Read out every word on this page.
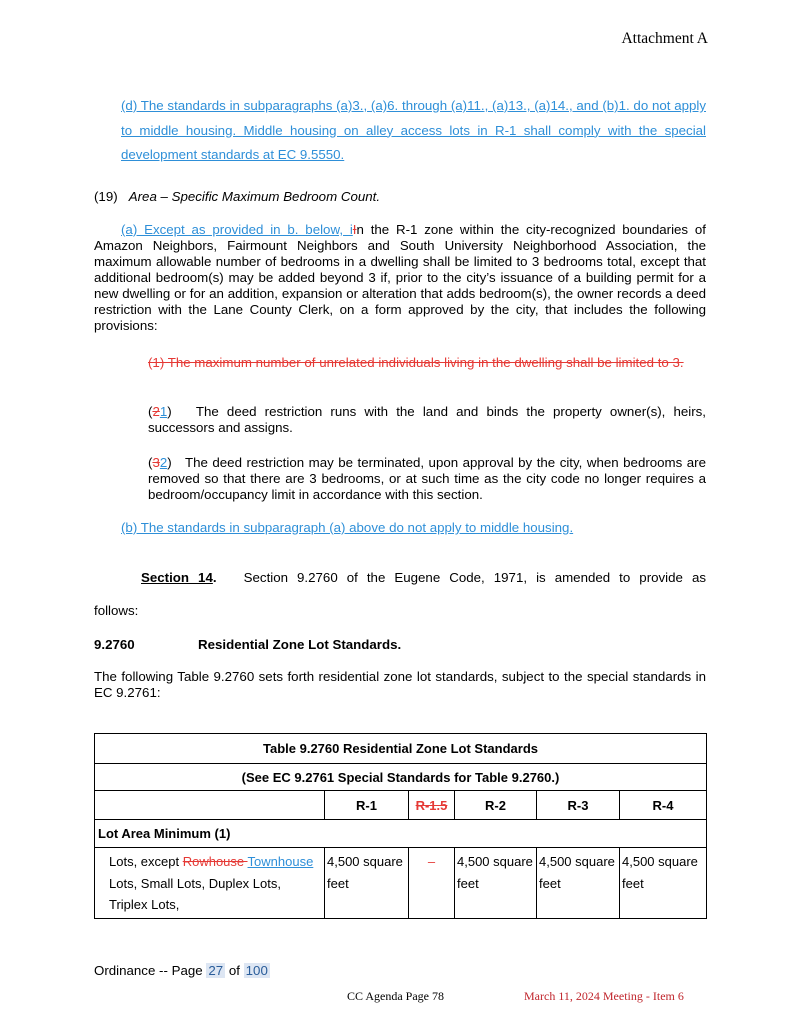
Attachment A
(d) The standards in subparagraphs (a)3., (a)6. through (a)11., (a)13., (a)14., and (b)1. do not apply to middle housing. Middle housing on alley access lots in R-1 shall comply with the special development standards at EC 9.5550.
(19) Area – Specific Maximum Bedroom Count.
(a) Except as provided in b. below, iIn the R-1 zone within the city-recognized boundaries of Amazon Neighbors, Fairmount Neighbors and South University Neighborhood Association, the maximum allowable number of bedrooms in a dwelling shall be limited to 3 bedrooms total, except that additional bedroom(s) may be added beyond 3 if, prior to the city’s issuance of a building permit for a new dwelling or for an addition, expansion or alteration that adds bedroom(s), the owner records a deed restriction with the Lane County Clerk, on a form approved by the city, that includes the following provisions:
(1) The maximum number of unrelated individuals living in the dwelling shall be limited to 3.
(21) The deed restriction runs with the land and binds the property owner(s), heirs, successors and assigns.
(32) The deed restriction may be terminated, upon approval by the city, when bedrooms are removed so that there are 3 bedrooms, or at such time as the city code no longer requires a bedroom/occupancy limit in accordance with this section.
(b) The standards in subparagraph (a) above do not apply to middle housing.
Section 14. Section 9.2760 of the Eugene Code, 1971, is amended to provide as
follows:
9.2760	Residential Zone Lot Standards.
The following Table 9.2760 sets forth residential zone lot standards, subject to the special standards in EC 9.2761:
Table 9.2760 Residential Zone Lot Standards					
(See EC 9.2761 Special Standards for Table 9.2760.)					
	R-1	R-1.5	R-2	R-3	R-4
Lot Area Minimum (1)					
Lots, except Rowhouse Townhouse Lots, Small Lots, Duplex Lots, Triplex Lots,	4,500 square feet	–	4,500 square feet	4,500 square feet	4,500 square feet
Ordinance -- Page 27 of 100
CC Agenda Page 78	March 11, 2024 Meeting - Item 6
